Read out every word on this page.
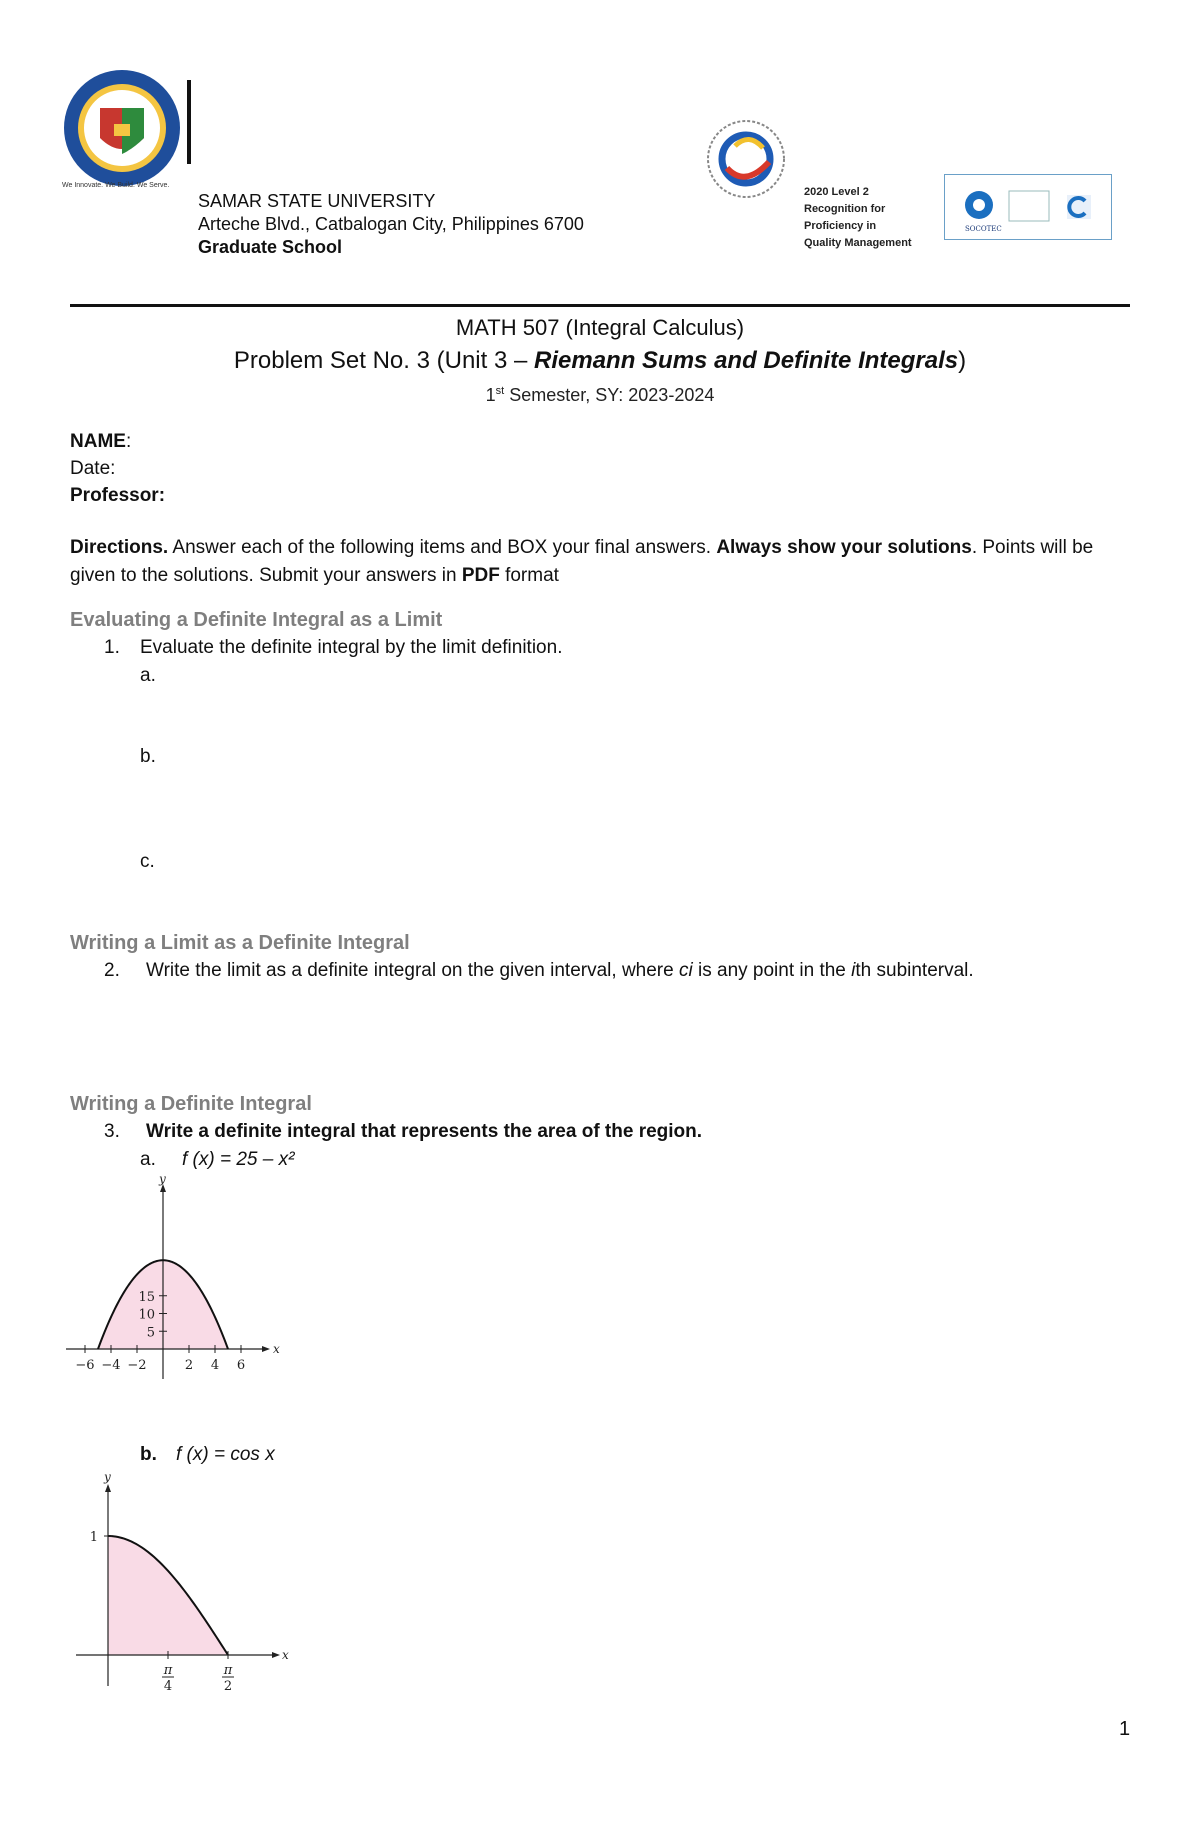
We Innovate. We Build. We Serve.
SAMAR STATE UNIVERSITY
Arteche Blvd., Catbalogan City, Philippines 6700
Graduate School
2020 Level 2
Recognition for
Proficiency in
Quality Management
SOCOTEC
MATH 507 (Integral Calculus)
Problem Set No. 3 (Unit 3 – Riemann Sums and Definite Integrals)
1st Semester, SY: 2023-2024
NAME:
Date:
Professor:
Directions. Answer each of the following items and BOX your final answers. Always show your solutions. Points will be given to the solutions. Submit your answers in PDF format
Evaluating a Definite Integral as a Limit
1. Evaluate the definite integral by the limit definition.
a.
b.
c.
Writing a Limit as a Definite Integral
2. Write the limit as a definite integral on the given interval, where ci is any point in the ith subinterval.
Writing a Definite Integral
3. Write a definite integral that represents the area of the region.
a. f (x) = 25 – x²
−6 −4 −2	2 4 6
5
10
15
x
y
b. f (x) = cos x
π
4
π
2
1
x
y
1
